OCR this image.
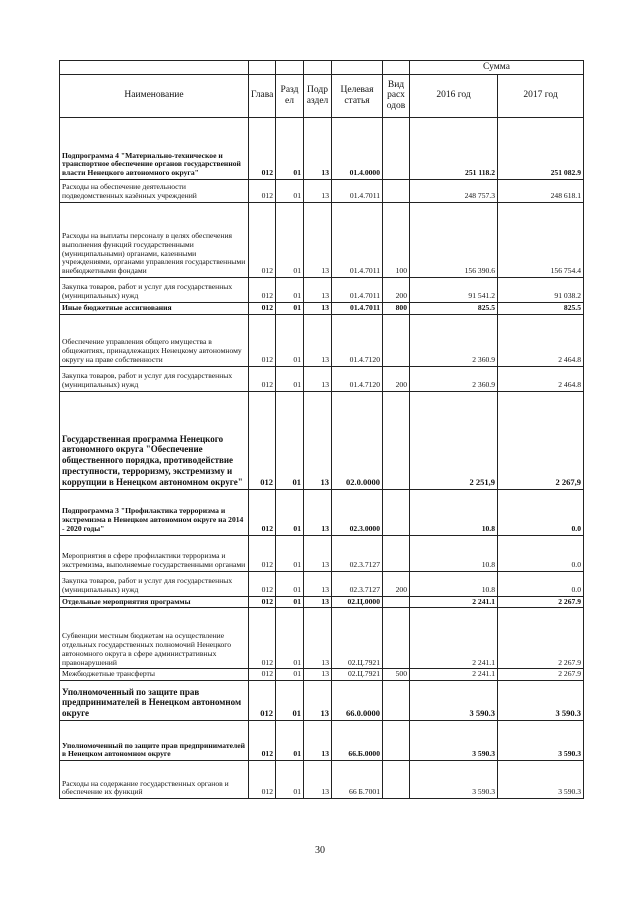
						Сумма	
Наименование	Глава	Разд ел	Подр аздел	Целевая статья	Вид расх одов	2016 год	2017 год
Подпрограмма 4 "Материально-техническое и транспортное обеспечение органов государственной власти Ненецкого автономного округа"	012	01	13	01.4.0000		251 118.2	251 082.9
Расходы на обеспечение деятельности подведомственных казённых учреждений	012	01	13	01.4.7011		248 757.3	248 618.1
Расходы на выплаты персоналу в целях обеспечения выполнения функций государственными (муниципальными) органами, казенными учреждениями, органами управления государственными внебюджетными фондами	012	01	13	01.4.7011	100	156 390.6	156 754.4
Закупка товаров, работ и услуг для государственных (муниципальных) нужд	012	01	13	01.4.7011	200	91 541.2	91 038.2
Иные бюджетные ассигнования	012	01	13	01.4.7011	800	825.5	825.5
Обеспечение управления общего имущества в общежитиях, принадлежащих Ненецкому автономному округу на праве собственности	012	01	13	01.4.7120		2 360.9	2 464.8
Закупка товаров, работ и услуг для государственных (муниципальных) нужд	012	01	13	01.4.7120	200	2 360.9	2 464.8
Государственная программа Ненецкого автономного округа "Обеспечение общественного порядка, противодействие преступности, терроризму, экстремизму и коррупции в Ненецком автономном округе"	012	01	13	02.0.0000		2 251,9	2 267,9
Подпрограмма 3 "Профилактика терроризма и экстремизма в Ненецком автономном округе на 2014 - 2020 годы"	012	01	13	02.3.0000		10.8	0.0
Мероприятия в сфере профилактики терроризма и экстремизма, выполняемые государственными органами	012	01	13	02.3.7127		10.8	0.0
Закупка товаров, работ и услуг для государственных (муниципальных) нужд	012	01	13	02.3.7127	200	10.8	0.0
Отдельные мероприятия программы	012	01	13	02.Ц.0000		2 241.1	2 267.9
Субвенции местным бюджетам на осуществление отдельных государственных полномочий Ненецкого автономного округа в сфере административных правонарушений	012	01	13	02.Ц.7921		2 241.1	2 267.9
Межбюджетные трансферты	012	01	13	02.Ц.7921	500	2 241.1	2 267.9
Уполномоченный по защите прав предпринимателей в Ненецком автономном округе	012	01	13	66.0.0000		3 590.3	3 590.3
Уполномоченный по защите прав предпринимателей в Ненецком автономном округе	012	01	13	66.Б.0000		3 590.3	3 590.3
Расходы на содержание государственных органов и обеспечение их функций	012	01	13	66 Б.7001		3 590.3	3 590.3
30
